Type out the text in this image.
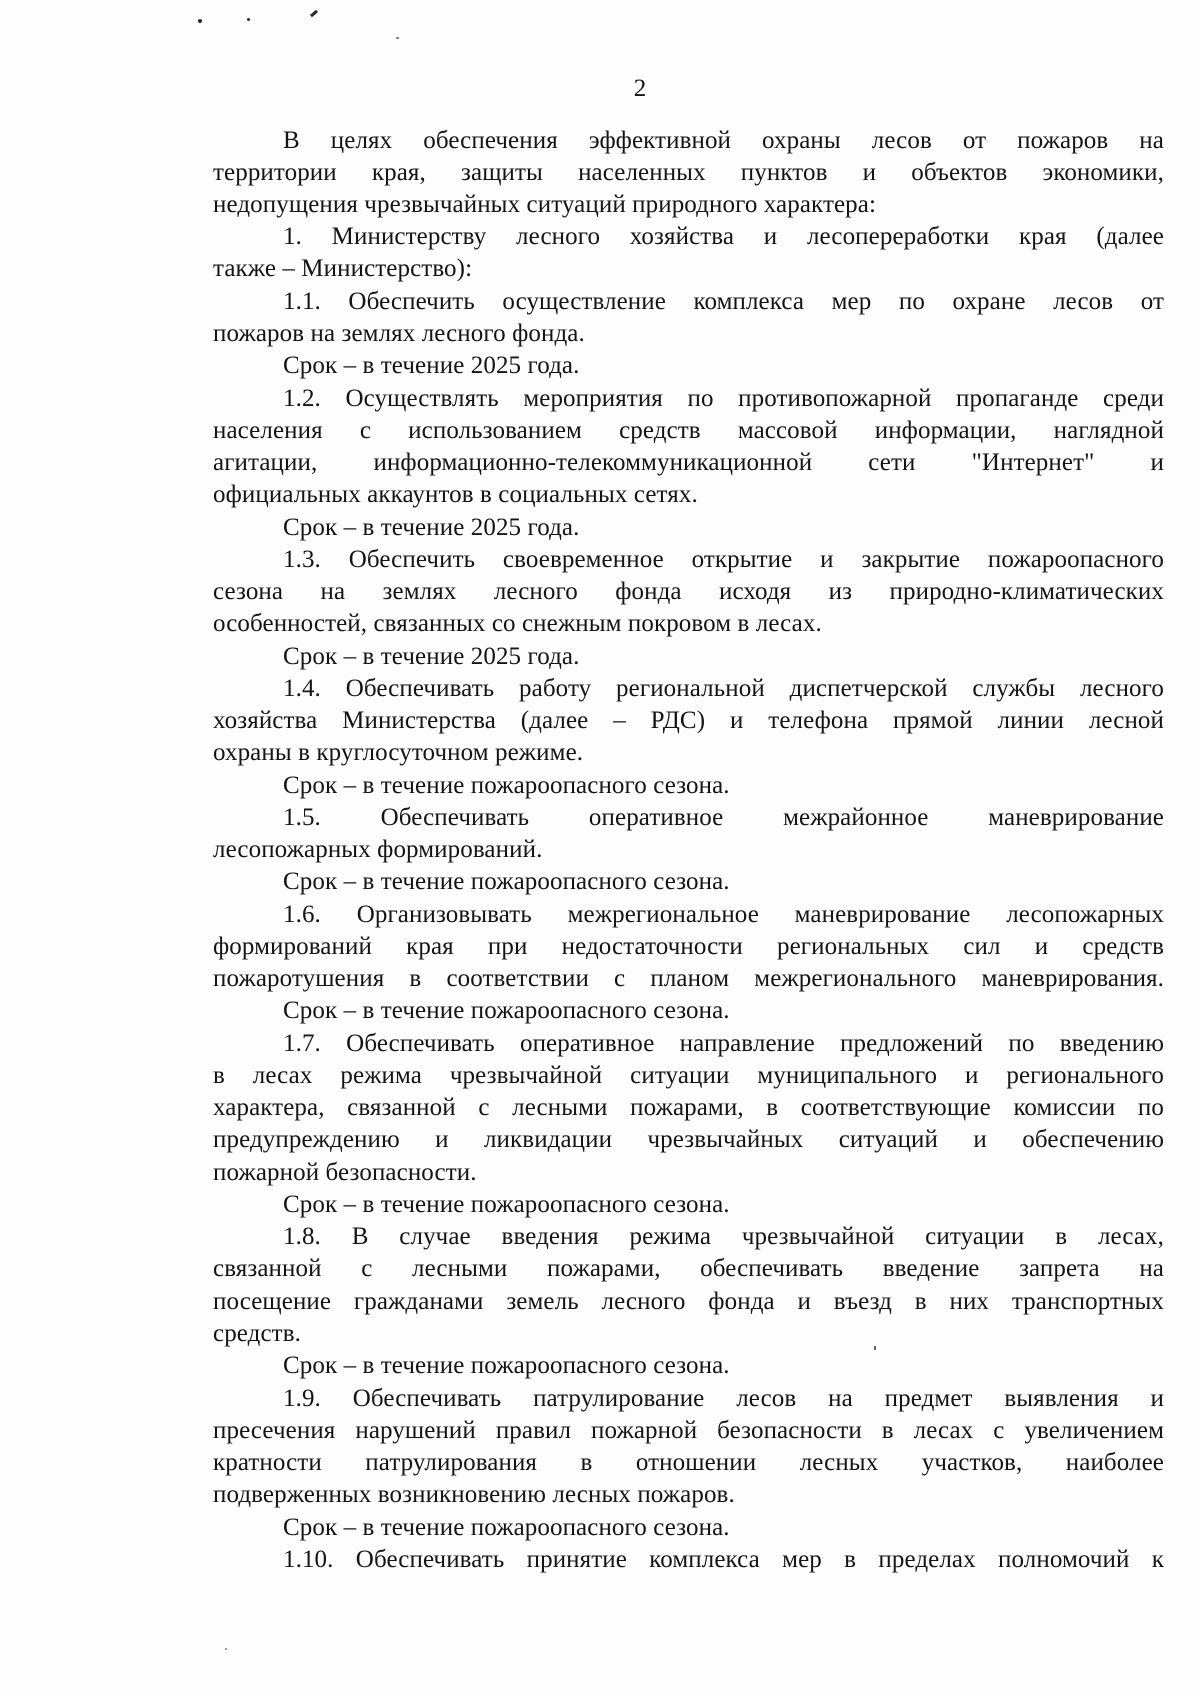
2
В целях обеспечения эффективной охраны лесов от пожаров на
территории края, защиты населенных пунктов и объектов экономики,
недопущения чрезвычайных ситуаций природного характера:
1. Министерству лесного хозяйства и лесопереработки края (далее
также – Министерство):
1.1. Обеспечить осуществление комплекса мер по охране лесов от
пожаров на землях лесного фонда.
Срок – в течение 2025 года.
1.2. Осуществлять мероприятия по противопожарной пропаганде среди
населения с использованием средств массовой информации, наглядной
агитации, информационно-телекоммуникационной сети "Интернет" и
официальных аккаунтов в социальных сетях.
Срок – в течение 2025 года.
1.3. Обеспечить своевременное открытие и закрытие пожароопасного
сезона на землях лесного фонда исходя из природно-климатических
особенностей, связанных со снежным покровом в лесах.
Срок – в течение 2025 года.
1.4. Обеспечивать работу региональной диспетчерской службы лесного
хозяйства Министерства (далее – РДС) и телефона прямой линии лесной
охраны в круглосуточном режиме.
Срок – в течение пожароопасного сезона.
1.5. Обеспечивать оперативное межрайонное маневрирование
лесопожарных формирований.
Срок – в течение пожароопасного сезона.
1.6. Организовывать межрегиональное маневрирование лесопожарных
формирований края при недостаточности региональных сил и средств
пожаротушения в соответствии с планом межрегионального маневрирования.
Срок – в течение пожароопасного сезона.
1.7. Обеспечивать оперативное направление предложений по введению
в лесах режима чрезвычайной ситуации муниципального и регионального
характера, связанной с лесными пожарами, в соответствующие комиссии по
предупреждению и ликвидации чрезвычайных ситуаций и обеспечению
пожарной безопасности.
Срок – в течение пожароопасного сезона.
1.8. В случае введения режима чрезвычайной ситуации в лесах,
связанной с лесными пожарами, обеспечивать введение запрета на
посещение гражданами земель лесного фонда и въезд в них транспортных
средств.
Срок – в течение пожароопасного сезона.
1.9. Обеспечивать патрулирование лесов на предмет выявления и
пресечения нарушений правил пожарной безопасности в лесах с увеличением
кратности патрулирования в отношении лесных участков, наиболее
подверженных возникновению лесных пожаров.
Срок – в течение пожароопасного сезона.
1.10. Обеспечивать принятие комплекса мер в пределах полномочий к
